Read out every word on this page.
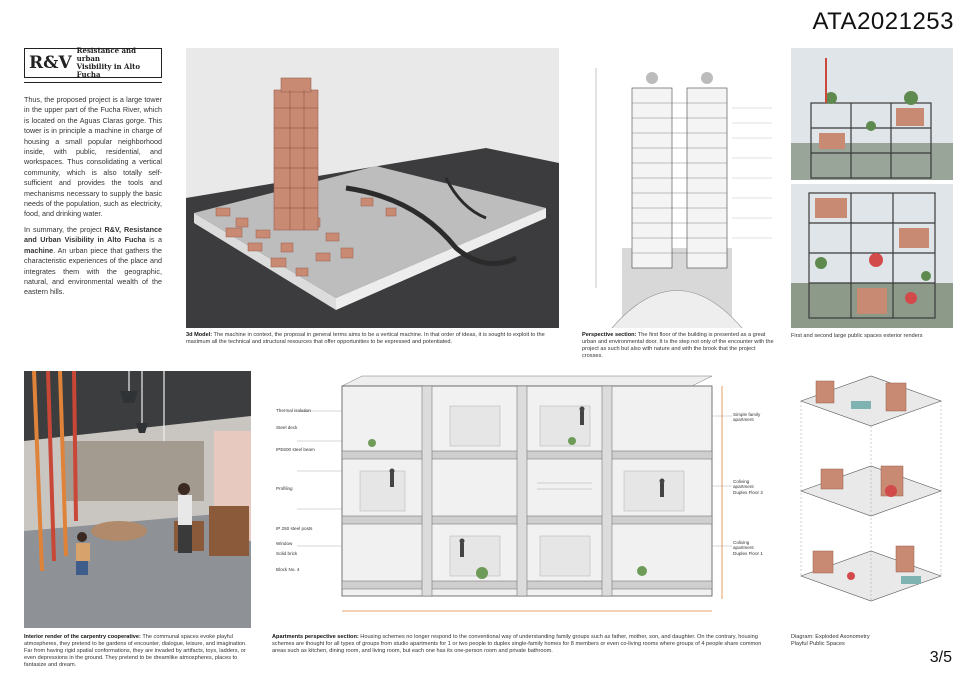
ATA2021253
3/5
R&V
Resistance and urban
Visibility in Alto Fucha

Thus, the proposed project is a large tower in the upper part of the Fucha River, which is located on the Aguas Claras gorge. This tower is in principle a machine in charge of housing a small popular neighborhood inside, with public, residential, and workspaces. Thus consolidating a vertical community, which is also totally self-sufficient and provides the tools and mechanisms necessary to supply the basic needs of the population, such as electricity, food, and drinking water.

In summary, the project R&V, Resistance and Urban Visibility in Alto Fucha is a machine. An urban piece that gathers the characteristic experiences of the place and integrates them with the geographic, natural, and environmental wealth of the eastern hills.

3d Model: The machine in context, the proposal in general terms aims to be a vertical machine. In that order of ideas, it is sought to exploit to the maximum all the technical and structural resources that offer opportunities to be expressed and potentiated.
Perspective section: The first floor of the building is presented as a great urban and environmental door. It is the step not only of the encounter with the project as such but also with nature and with the brook that the project crosses.
First and second large public spaces exterior renders
Interior render of the carpentry cooperative: The communal spaces evoke playful atmospheres, they pretend to be gardens of encounter, dialogue, leisure, and imagination. Far from having rigid spatial conformations, they are invaded by artifacts, toys, ladders, or even depressions in the ground. They pretend to be dreamlike atmospheres, places to fantasize and dream.
Thermal isolation
Steel deck
IPE600 steel beam
Profiling
IP 250 steel posts
Window
Solid brick
Block No. 4
Simple family apartment
Coliving apartment Duplex Floor 2
Coliving apartment Duplex Floor 1
Apartments perspective section: Housing schemes no longer respond to the conventional way of understanding family groups such as father, mother, son, and daughter. On the contrary, housing schemes are thought for all types of groups from studio apartments for 1 or two people to duplex single-family homes for 8 members or even co-living rooms where groups of 4 people share common areas such as kitchen, dining room, and living room, but each one has its one-person room and private bathroom.
Diagram: Exploded Axonometry
Playful Public Spaces
